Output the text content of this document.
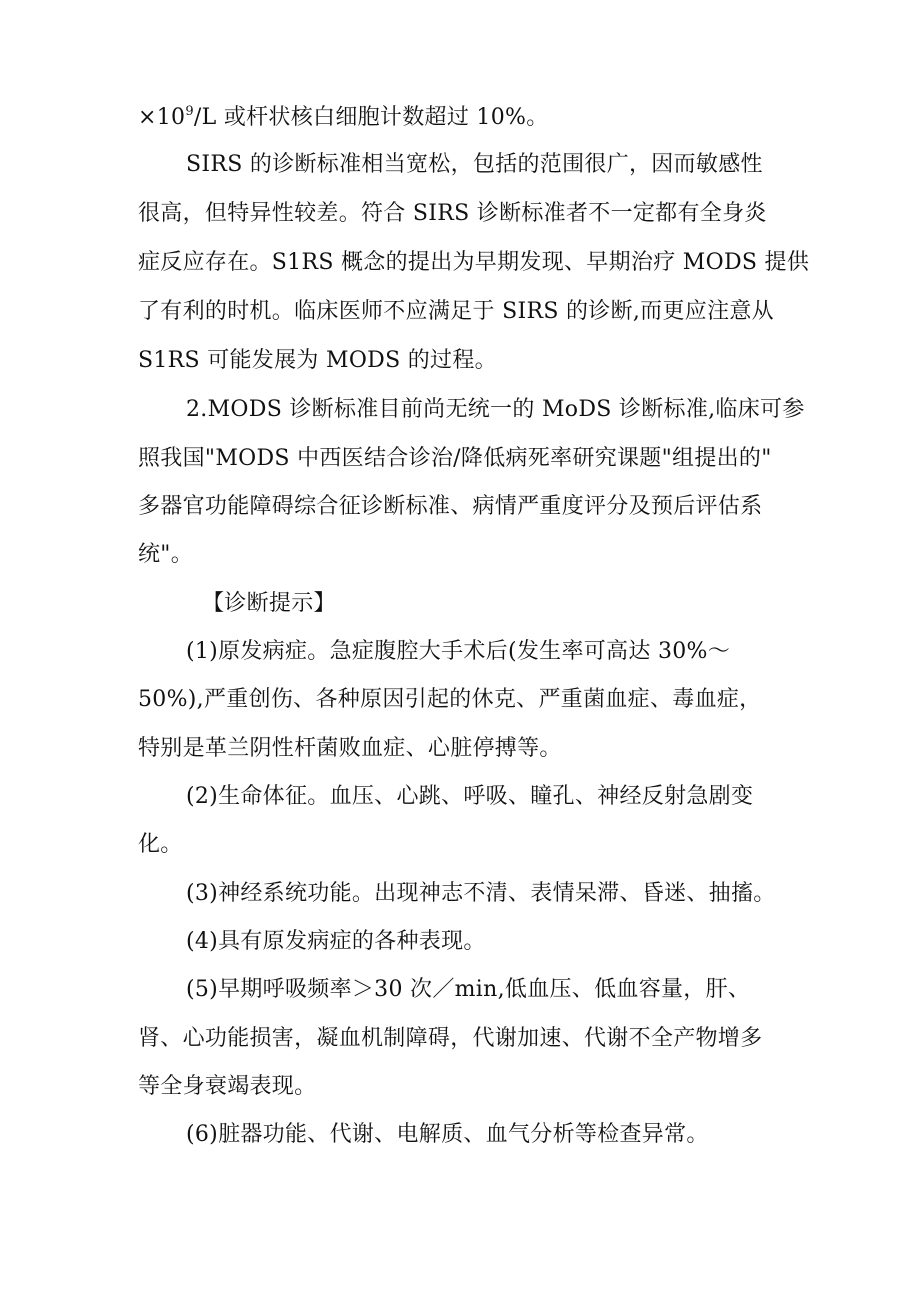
$\times 10^9/L$ 或杆状核白细胞计数超过 10%。
SIRS 的诊断标准相当宽松，包括的范围很广，因而敏感性
很高，但特异性较差。符合 SIRS 诊断标准者不一定都有全身炎
症反应存在。S1RS 概念的提出为早期发现、早期治疗 MODS 提供
了有利的时机。临床医师不应满足于 SIRS 的诊断,而更应注意从
S1RS 可能发展为 MODS 的过程。
2.MODS 诊断标准目前尚无统一的 MoDS 诊断标准,临床可参
照我国"MODS 中西医结合诊治/降低病死率研究课题"组提出的"
多器官功能障碍综合征诊断标准、病情严重度评分及预后评估系
统"。
【诊断提示】
(1)原发病症。急症腹腔大手术后(发生率可高达 30%～
50%),严重创伤、各种原因引起的休克、严重菌血症、毒血症，
特别是革兰阴性杆菌败血症、心脏停搏等。
(2)生命体征。血压、心跳、呼吸、瞳孔、神经反射急剧变
化。
(3)神经系统功能。出现神志不清、表情呆滞、昏迷、抽搐。
(4)具有原发病症的各种表现。
(5)早期呼吸频率＞30 次／min,低血压、低血容量，肝、
肾、心功能损害，凝血机制障碍，代谢加速、代谢不全产物增多
等全身衰竭表现。
(6)脏器功能、代谢、电解质、血气分析等检查异常。
